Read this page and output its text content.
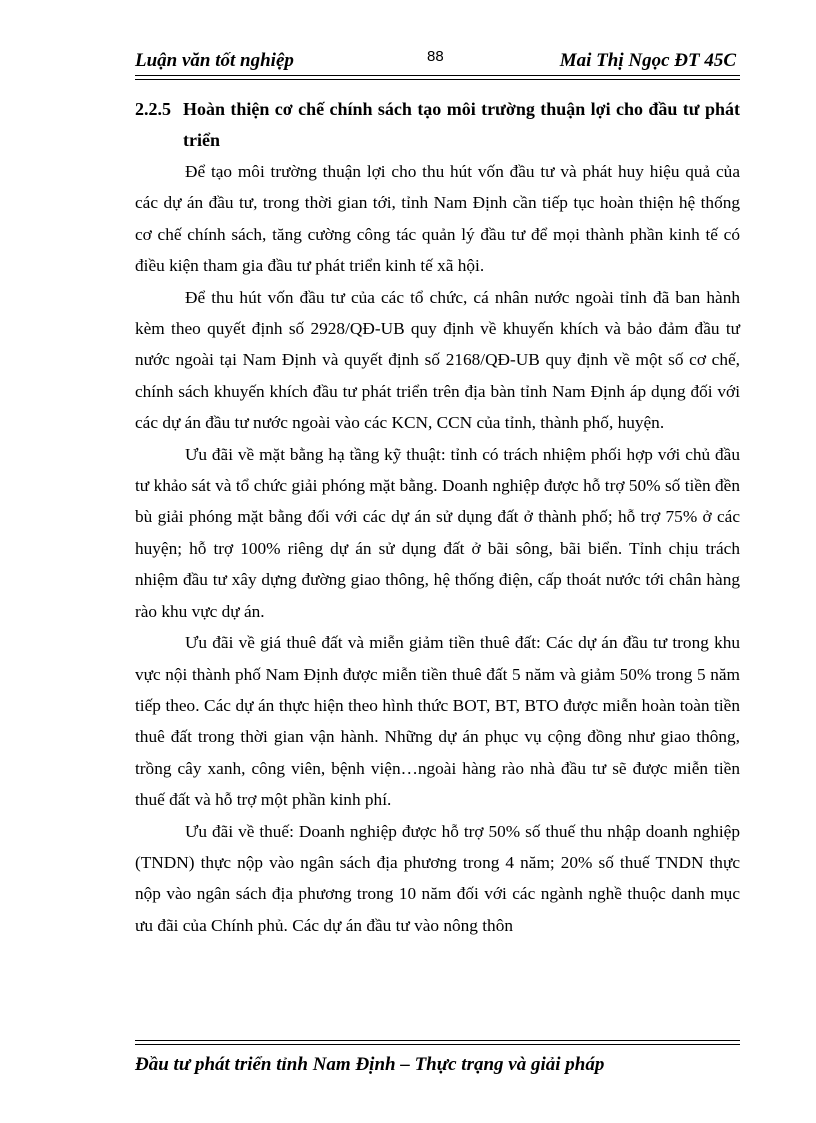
Luận văn tốt nghiệp	88	Mai Thị Ngọc ĐT 45C
2.2.5 Hoàn thiện cơ chế chính sách tạo môi trường thuận lợi cho đầu tư phát triển

Để tạo môi trường thuận lợi cho thu hút vốn đầu tư và phát huy hiệu quả của các dự án đầu tư, trong thời gian tới, tỉnh Nam Định cần tiếp tục hoàn thiện hệ thống cơ chế chính sách, tăng cường công tác quản lý đầu tư để mọi thành phần kinh tế có điều kiện tham gia đầu tư phát triển kinh tế xã hội.

Để thu hút vốn đầu tư của các tổ chức, cá nhân nước ngoài tỉnh đã ban hành kèm theo quyết định số 2928/QĐ-UB quy định về khuyến khích và bảo đảm đầu tư nước ngoài tại Nam Định và quyết định số 2168/QĐ-UB quy định về một số cơ chế, chính sách khuyến khích đầu tư phát triển trên địa bàn tỉnh Nam Định áp dụng đối với các dự án đầu tư nước ngoài vào các KCN, CCN của tỉnh, thành phố, huyện.

Ưu đãi về mặt bằng hạ tầng kỹ thuật: tỉnh có trách nhiệm phối hợp với chủ đầu tư khảo sát và tổ chức giải phóng mặt bằng. Doanh nghiệp được hỗ trợ 50% số tiền đền bù giải phóng mặt bằng đối với các dự án sử dụng đất ở thành phố; hỗ trợ 75% ở các huyện; hỗ trợ 100% riêng dự án sử dụng đất ở bãi sông, bãi biển. Tỉnh chịu trách nhiệm đầu tư xây dựng đường giao thông, hệ thống điện, cấp thoát nước tới chân hàng rào khu vực dự án.

Ưu đãi về giá thuê đất và miễn giảm tiền thuê đất: Các dự án đầu tư trong khu vực nội thành phố Nam Định được miễn tiền thuê đất 5 năm và giảm 50% trong 5 năm tiếp theo. Các dự án thực hiện theo hình thức BOT, BT, BTO được miễn hoàn toàn tiền thuê đất trong thời gian vận hành. Những dự án phục vụ cộng đồng như giao thông, trồng cây xanh, công viên, bệnh viện…ngoài hàng rào nhà đầu tư sẽ được miễn tiền thuế đất và hỗ trợ một phần kinh phí.

Ưu đãi về thuế: Doanh nghiệp được hỗ trợ 50% số thuế thu nhập doanh nghiệp (TNDN) thực nộp vào ngân sách địa phương trong 4 năm; 20% số thuế TNDN thực nộp vào ngân sách địa phương trong 10 năm đối với các ngành nghề thuộc danh mục ưu đãi của Chính phủ. Các dự án đầu tư vào nông thôn

Đầu tư phát triển tỉnh Nam Định – Thực trạng và giải pháp
